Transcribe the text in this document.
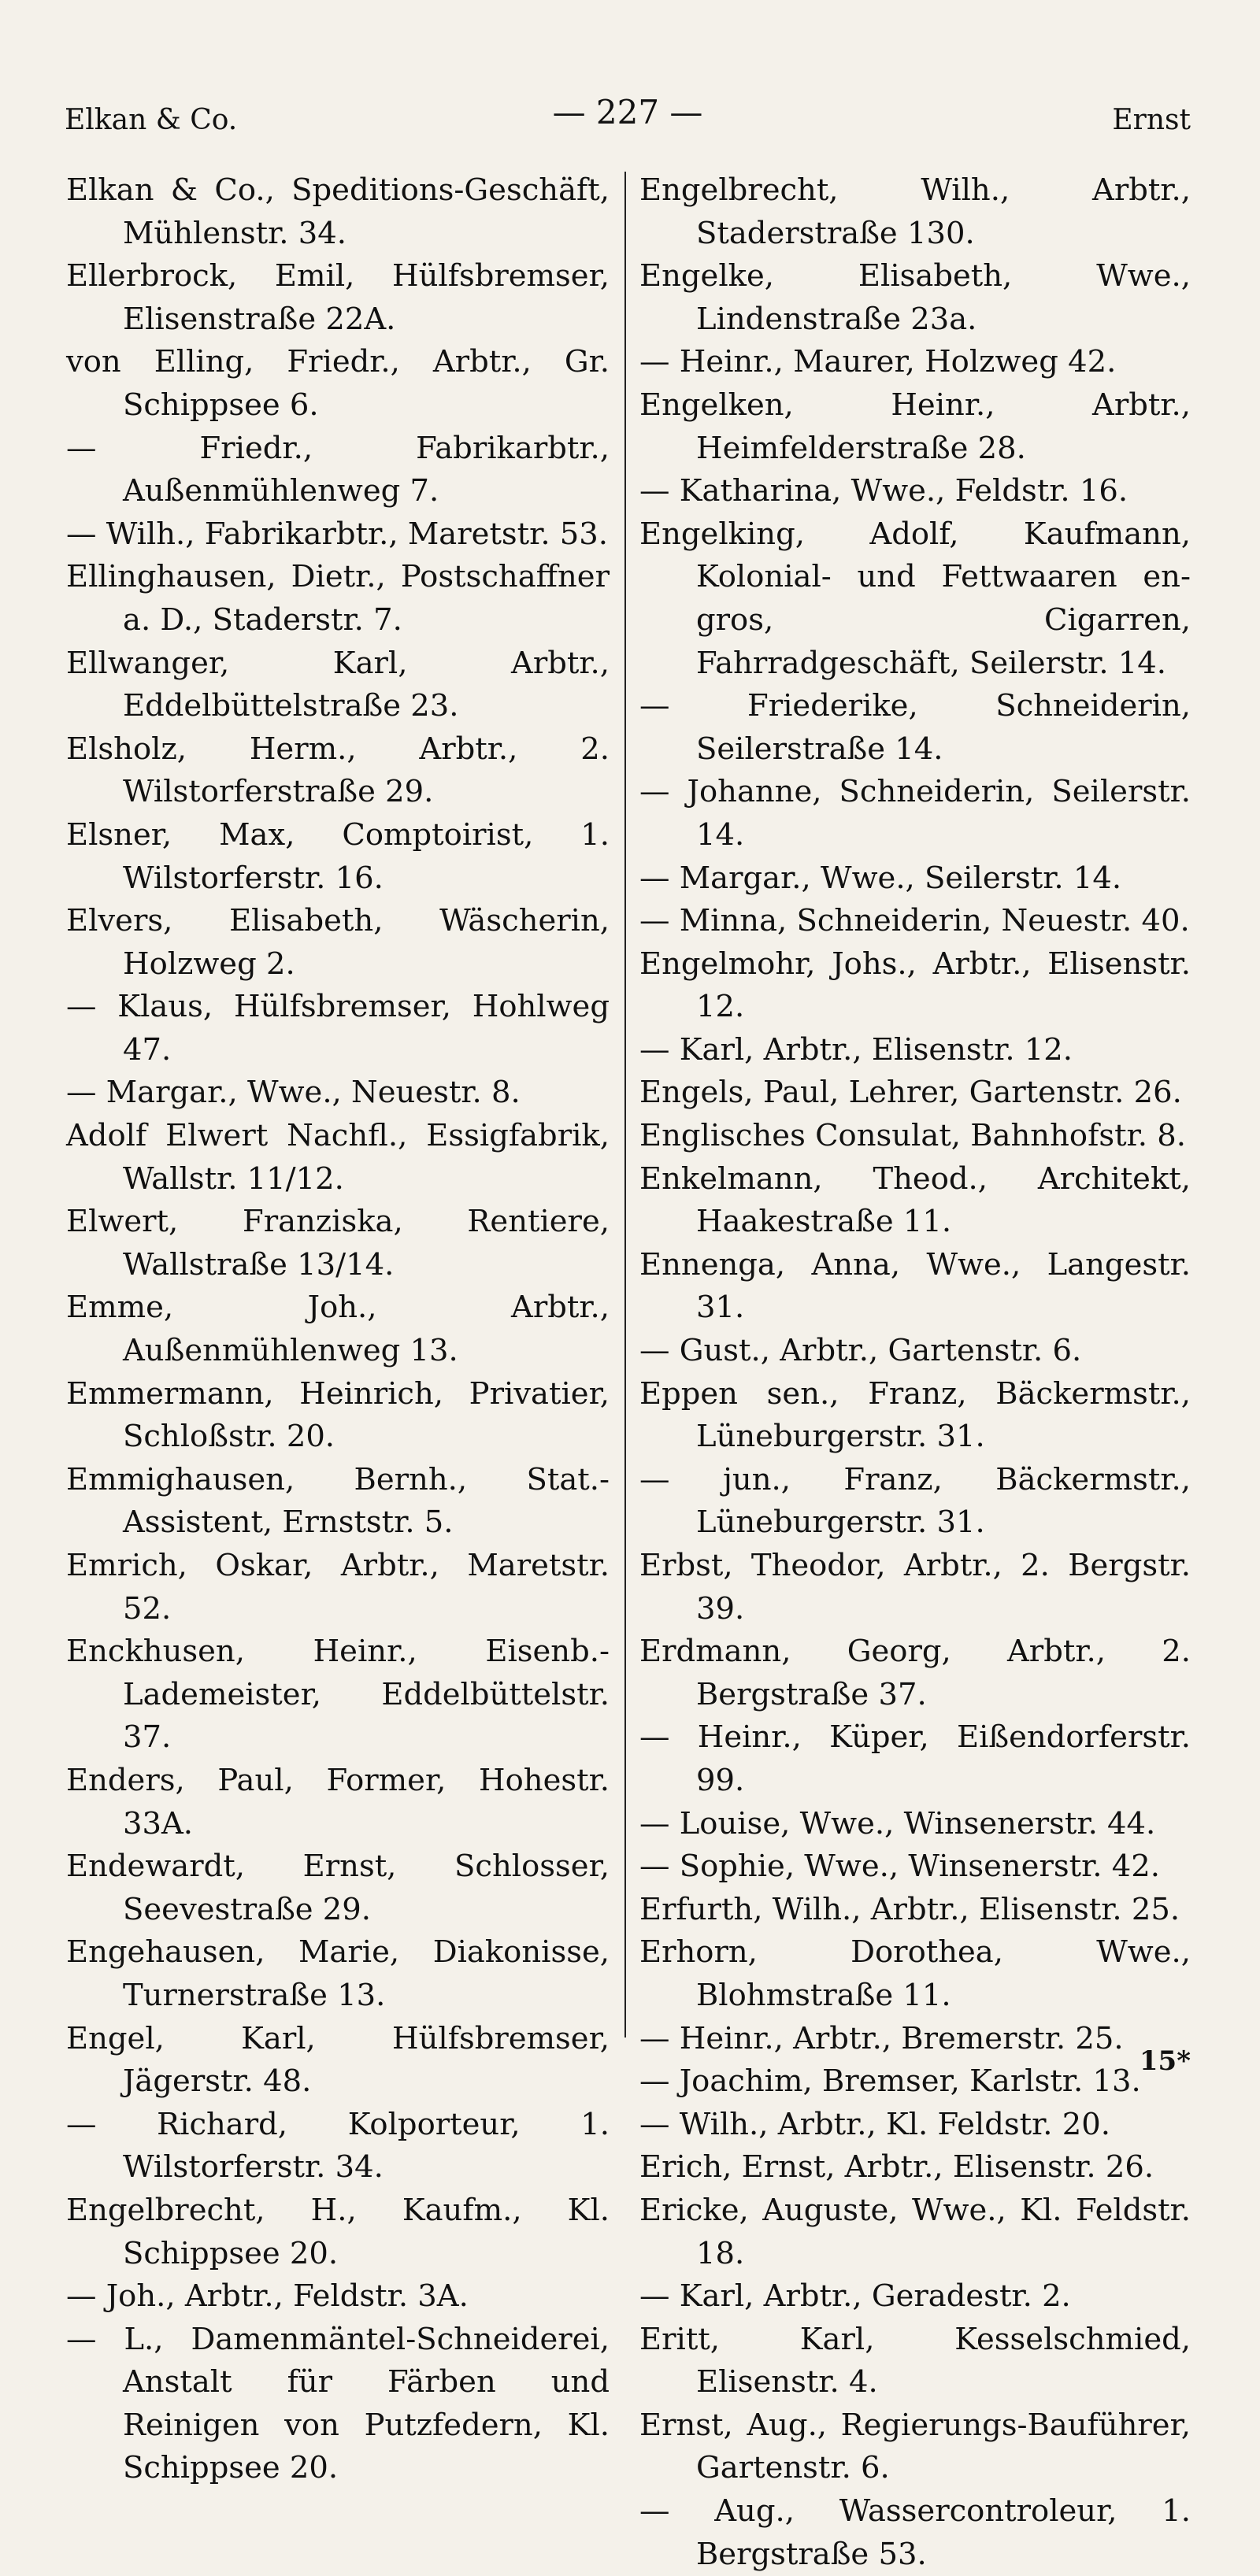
Elkan & Co.	— 227 —	Ernst
Elkan & Co., Speditions-Geschäft, Mühlenstr. 34.
Ellerbrock, Emil, Hülfsbremser, Elisenstraße 22A.
von Elling, Friedr., Arbtr., Gr. Schippsee 6.
— Friedr., Fabrikarbtr., Außenmühlenweg 7.
— Wilh., Fabrikarbtr., Maretstr. 53.
Ellinghausen, Dietr., Postschaffner a. D., Staderstr. 7.
Ellwanger, Karl, Arbtr., Eddelbüttelstraße 23.
Elsholz, Herm., Arbtr., 2. Wilstorferstraße 29.
Elsner, Max, Comptoirist, 1. Wilstorferstr. 16.
Elvers, Elisabeth, Wäscherin, Holzweg 2.
— Klaus, Hülfsbremser, Hohlweg 47.
— Margar., Wwe., Neuestr. 8.
Adolf Elwert Nachfl., Essigfabrik, Wallstr. 11/12.
Elwert, Franziska, Rentiere, Wallstraße 13/14.
Emme, Joh., Arbtr., Außenmühlenweg 13.
Emmermann, Heinrich, Privatier, Schloßstr. 20.
Emmighausen, Bernh., Stat.-Assistent, Ernststr. 5.
Emrich, Oskar, Arbtr., Maretstr. 52.
Enckhusen, Heinr., Eisenb.-Lademeister, Eddelbüttelstr. 37.
Enders, Paul, Former, Hohestr. 33A.
Endewardt, Ernst, Schlosser, Seevestraße 29.
Engehausen, Marie, Diakonisse, Turnerstraße 13.
Engel, Karl, Hülfsbremser, Jägerstr. 48.
— Richard, Kolporteur, 1. Wilstorferstr. 34.
Engelbrecht, H., Kaufm., Kl. Schippsee 20.
— Joh., Arbtr., Feldstr. 3A.
— L., Damenmäntel-Schneiderei, Anstalt für Färben und Reinigen von Putzfedern, Kl. Schippsee 20.
Engelbrecht, Wilh., Arbtr., Staderstraße 130.
Engelke, Elisabeth, Wwe., Lindenstraße 23a.
— Heinr., Maurer, Holzweg 42.
Engelken, Heinr., Arbtr., Heimfelderstraße 28.
— Katharina, Wwe., Feldstr. 16.
Engelking, Adolf, Kaufmann, Kolonial- und Fettwaaren en-gros, Cigarren, Fahrradgeschäft, Seilerstr. 14.
— Friederike, Schneiderin, Seilerstraße 14.
— Johanne, Schneiderin, Seilerstr. 14.
— Margar., Wwe., Seilerstr. 14.
— Minna, Schneiderin, Neuestr. 40.
Engelmohr, Johs., Arbtr., Elisenstr. 12.
— Karl, Arbtr., Elisenstr. 12.
Engels, Paul, Lehrer, Gartenstr. 26.
Englisches Consulat, Bahnhofstr. 8.
Enkelmann, Theod., Architekt, Haakestraße 11.
Ennenga, Anna, Wwe., Langestr. 31.
— Gust., Arbtr., Gartenstr. 6.
Eppen sen., Franz, Bäckermstr., Lüneburgerstr. 31.
— jun., Franz, Bäckermstr., Lüneburgerstr. 31.
Erbst, Theodor, Arbtr., 2. Bergstr. 39.
Erdmann, Georg, Arbtr., 2. Bergstraße 37.
— Heinr., Küper, Eißendorferstr. 99.
— Louise, Wwe., Winsenerstr. 44.
— Sophie, Wwe., Winsenerstr. 42.
Erfurth, Wilh., Arbtr., Elisenstr. 25.
Erhorn, Dorothea, Wwe., Blohmstraße 11.
— Heinr., Arbtr., Bremerstr. 25.
— Joachim, Bremser, Karlstr. 13.
— Wilh., Arbtr., Kl. Feldstr. 20.
Erich, Ernst, Arbtr., Elisenstr. 26.
Ericke, Auguste, Wwe., Kl. Feldstr. 18.
— Karl, Arbtr., Geradestr. 2.
Eritt, Karl, Kesselschmied, Elisenstr. 4.
Ernst, Aug., Regierungs-Bauführer, Gartenstr. 6.
— Aug., Wassercontroleur, 1. Bergstraße 53.
15*
